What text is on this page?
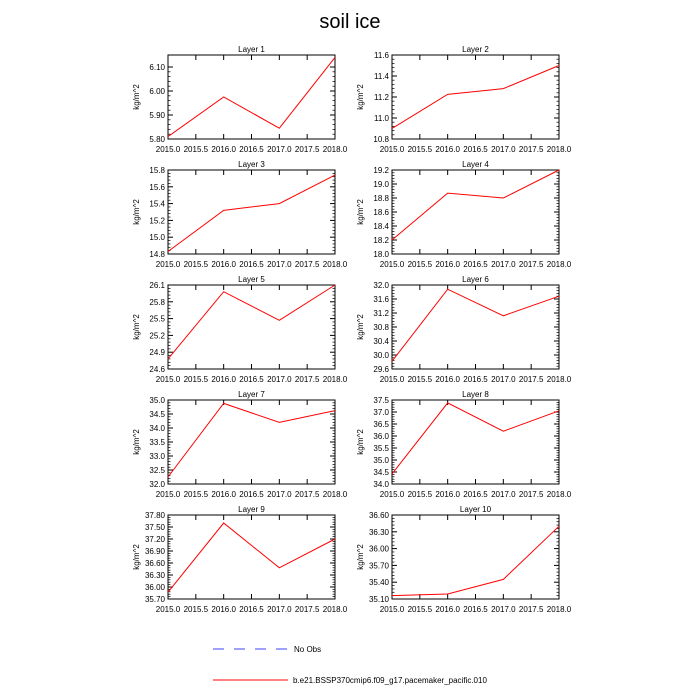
soil ice
Layer 1
kg/m^2
5.80
5.90
6.00
6.10
2015.0 2015.5 2016.0 2016.5 2017.0 2017.5 2018.0
Layer 2
kg/m^2
10.8
11.0
11.2
11.4
11.6
2015.0 2015.5 2016.0 2016.5 2017.0 2017.5 2018.0
Layer 3
kg/m^2
14.8
15.0
15.2
15.4
15.6
15.8
2015.0 2015.5 2016.0 2016.5 2017.0 2017.5 2018.0
Layer 4
kg/m^2
18.0
18.2
18.4
18.6
18.8
19.0
19.2
2015.0 2015.5 2016.0 2016.5 2017.0 2017.5 2018.0
Layer 5
kg/m^2
24.6
24.9
25.2
25.5
25.8
26.1
2015.0 2015.5 2016.0 2016.5 2017.0 2017.5 2018.0
Layer 6
kg/m^2
29.6
30.0
30.4
30.8
31.2
31.6
32.0
2015.0 2015.5 2016.0 2016.5 2017.0 2017.5 2018.0
Layer 7
kg/m^2
32.0
32.5
33.0
33.5
34.0
34.5
35.0
2015.0 2015.5 2016.0 2016.5 2017.0 2017.5 2018.0
Layer 8
kg/m^2
34.0
34.5
35.0
35.5
36.0
36.5
37.0
37.5
2015.0 2015.5 2016.0 2016.5 2017.0 2017.5 2018.0
Layer 9
kg/m^2
35.70
36.00
36.30
36.60
36.90
37.20
37.50
37.80
2015.0 2015.5 2016.0 2016.5 2017.0 2017.5 2018.0
Layer 10
kg/m^2
35.10
35.40
35.70
36.00
36.30
36.60
2015.0 2015.5 2016.0 2016.5 2017.0 2017.5 2018.0
No Obs
b.e21.BSSP370cmip6.f09_g17.pacemaker_pacific.010
